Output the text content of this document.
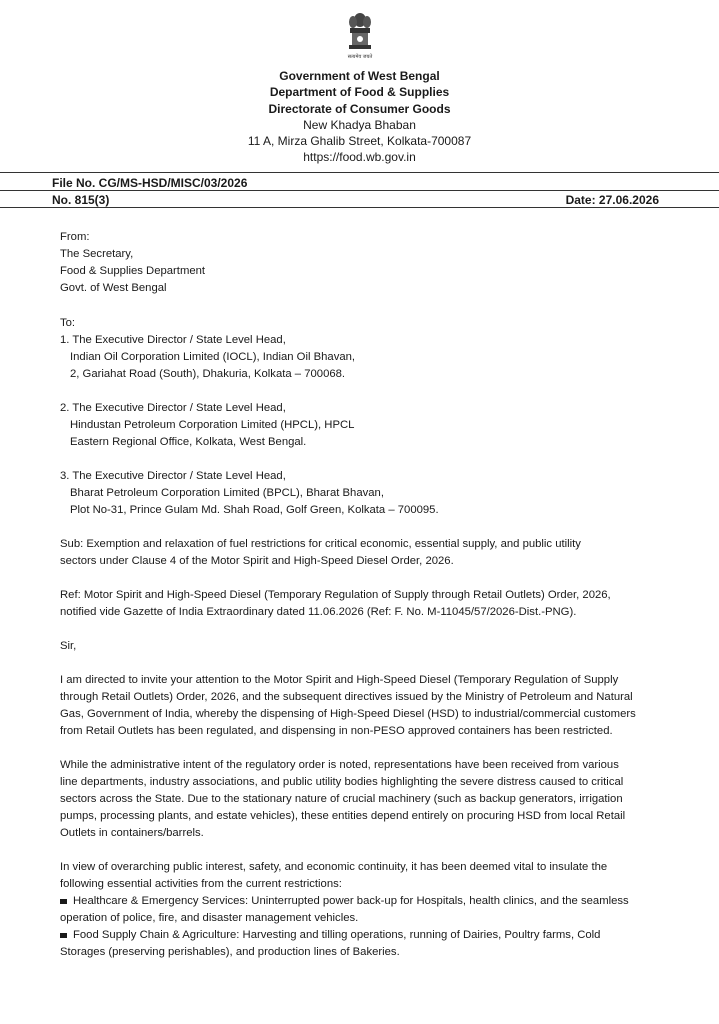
सत्यमेव जयते
Government of West Bengal
Department of Food & Supplies
Directorate of Consumer Goods
New Khadya Bhaban
11 A, Mirza Ghalib Street, Kolkata-700087
https://food.wb.gov.in
File No. CG/MS-HSD/MISC/03/2026
No. 815(3)	Date: 27.06.2026
From:
The Secretary,
Food & Supplies Department
Govt. of West Bengal
To:
1. The Executive Director / State Level Head,
Indian Oil Corporation Limited (IOCL), Indian Oil Bhavan,
2, Gariahat Road (South), Dhakuria, Kolkata – 700068.
2. The Executive Director / State Level Head,
Hindustan Petroleum Corporation Limited (HPCL), HPCL
Eastern Regional Office, Kolkata, West Bengal.
3. The Executive Director / State Level Head,
Bharat Petroleum Corporation Limited (BPCL), Bharat Bhavan,
Plot No-31, Prince Gulam Md. Shah Road, Golf Green, Kolkata – 700095.
Sub: Exemption and relaxation of fuel restrictions for critical economic, essential supply, and public utility
sectors under Clause 4 of the Motor Spirit and High-Speed Diesel Order, 2026.
Ref: Motor Spirit and High-Speed Diesel (Temporary Regulation of Supply through Retail Outlets) Order, 2026,
notified vide Gazette of India Extraordinary dated 11.06.2026 (Ref: F. No. M-11045/57/2026-Dist.-PNG).
Sir,
I am directed to invite your attention to the Motor Spirit and High-Speed Diesel (Temporary Regulation of Supply
through Retail Outlets) Order, 2026, and the subsequent directives issued by the Ministry of Petroleum and Natural
Gas, Government of India, whereby the dispensing of High-Speed Diesel (HSD) to industrial/commercial customers
from Retail Outlets has been regulated, and dispensing in non-PESO approved containers has been restricted.
While the administrative intent of the regulatory order is noted, representations have been received from various
line departments, industry associations, and public utility bodies highlighting the severe distress caused to critical
sectors across the State. Due to the stationary nature of crucial machinery (such as backup generators, irrigation
pumps, processing plants, and estate vehicles), these entities depend entirely on procuring HSD from local Retail
Outlets in containers/barrels.
In view of overarching public interest, safety, and economic continuity, it has been deemed vital to insulate the
following essential activities from the current restrictions:
Healthcare & Emergency Services: Uninterrupted power back-up for Hospitals, health clinics, and the seamless
operation of police, fire, and disaster management vehicles.
Food Supply Chain & Agriculture: Harvesting and tilling operations, running of Dairies, Poultry farms, Cold
Storages (preserving perishables), and production lines of Bakeries.
